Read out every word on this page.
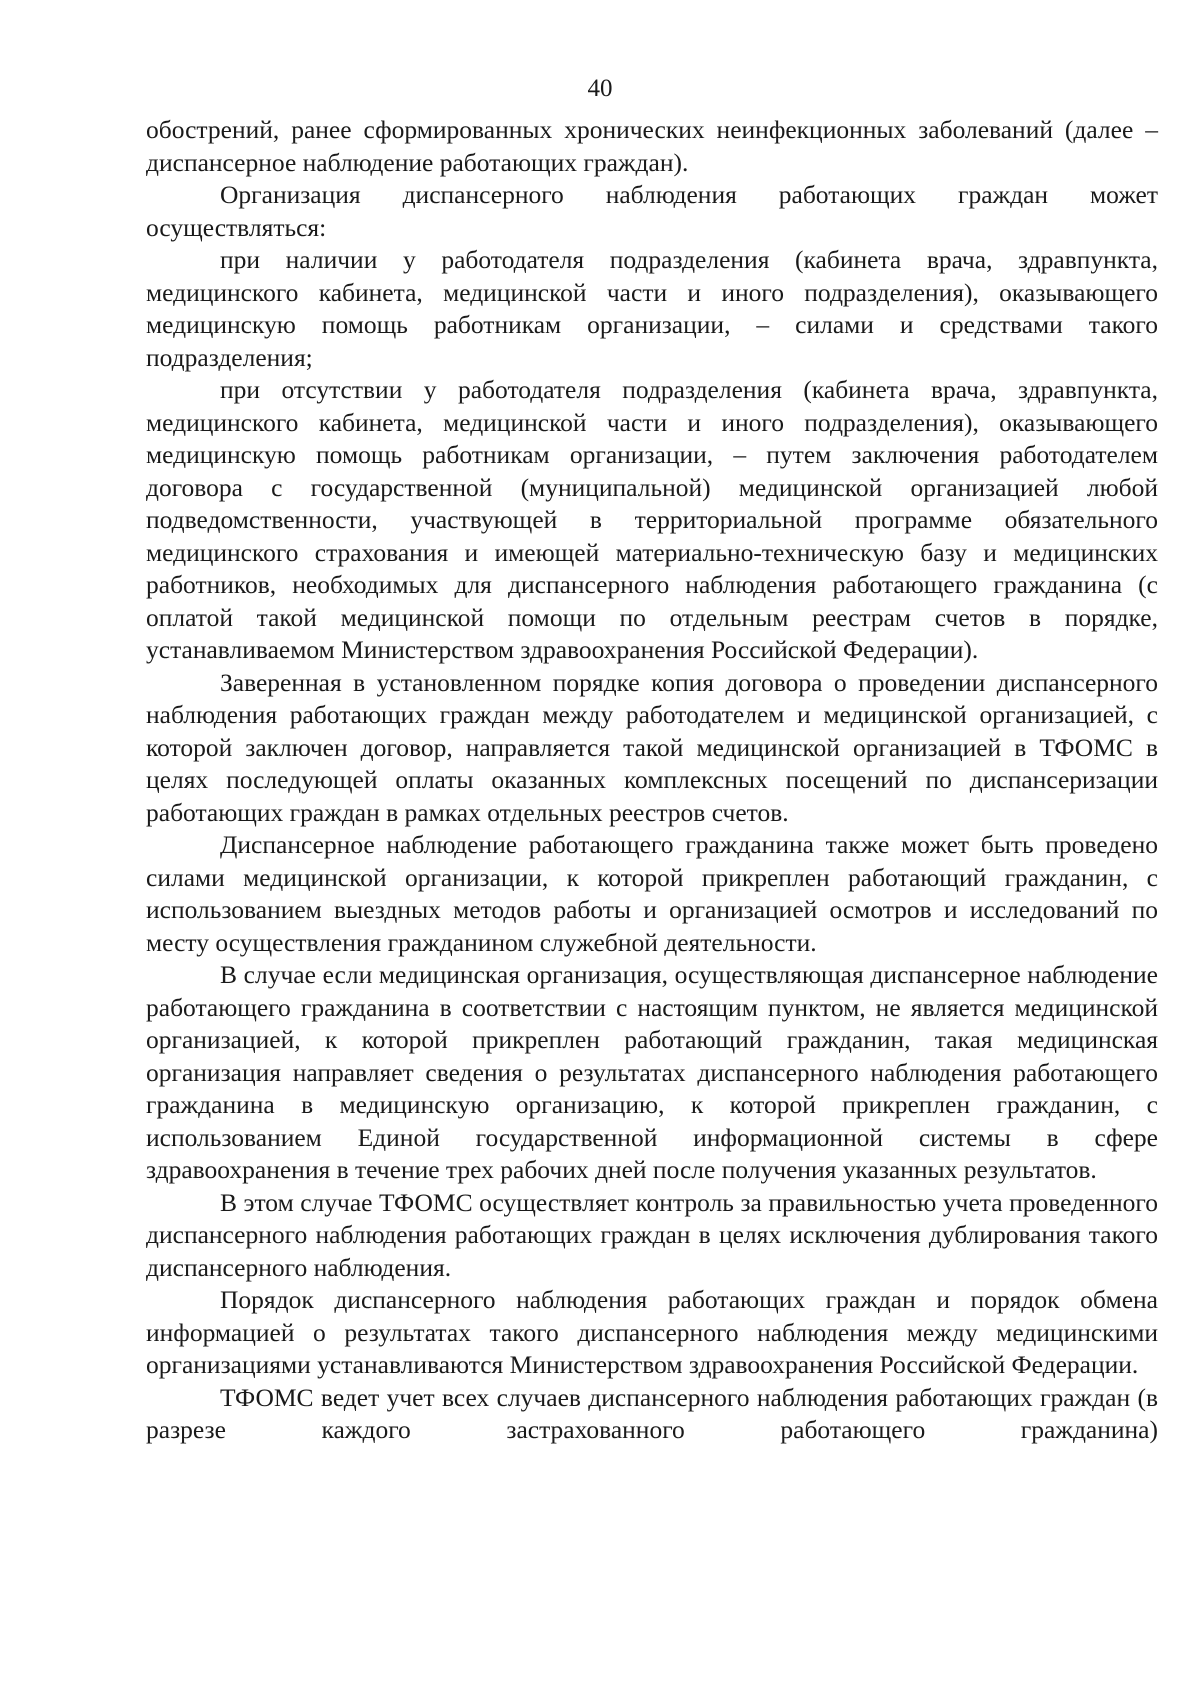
40

обострений, ранее сформированных хронических неинфекционных заболеваний (далее – диспансерное наблюдение работающих граждан).

Организация диспансерного наблюдения работающих граждан может осуществляться:

при наличии у работодателя подразделения (кабинета врача, здравпункта, медицинского кабинета, медицинской части и иного подразделения), оказывающего медицинскую помощь работникам организации, – силами и средствами такого подразделения;

при отсутствии у работодателя подразделения (кабинета врача, здравпункта, медицинского кабинета, медицинской части и иного подразделения), оказывающего медицинскую помощь работникам организации, – путем заключения работодателем договора с государственной (муниципальной) медицинской организацией любой подведомственности, участвующей в территориальной программе обязательного медицинского страхования и имеющей материально-техническую базу и медицинских работников, необходимых для диспансерного наблюдения работающего гражданина (с оплатой такой медицинской помощи по отдельным реестрам счетов в порядке, устанавливаемом Министерством здравоохранения Российской Федерации).

Заверенная в установленном порядке копия договора о проведении диспансерного наблюдения работающих граждан между работодателем и медицинской организацией, с которой заключен договор, направляется такой медицинской организацией в ТФОМС в целях последующей оплаты оказанных комплексных посещений по диспансеризации работающих граждан в рамках отдельных реестров счетов.

Диспансерное наблюдение работающего гражданина также может быть проведено силами медицинской организации, к которой прикреплен работающий гражданин, с использованием выездных методов работы и организацией осмотров и исследований по месту осуществления гражданином служебной деятельности.

В случае если медицинская организация, осуществляющая диспансерное наблюдение работающего гражданина в соответствии с настоящим пунктом, не является медицинской организацией, к которой прикреплен работающий гражданин, такая медицинская организация направляет сведения о результатах диспансерного наблюдения работающего гражданина в медицинскую организацию, к которой прикреплен гражданин, с использованием Единой государственной информационной системы в сфере здравоохранения в течение трех рабочих дней после получения указанных результатов.

В этом случае ТФОМС осуществляет контроль за правильностью учета проведенного диспансерного наблюдения работающих граждан в целях исключения дублирования такого диспансерного наблюдения.

Порядок диспансерного наблюдения работающих граждан и порядок обмена информацией о результатах такого диспансерного наблюдения между медицинскими организациями устанавливаются Министерством здравоохранения Российской Федерации.

ТФОМС ведет учет всех случаев диспансерного наблюдения работающих граждан (в разрезе каждого застрахованного работающего гражданина)
